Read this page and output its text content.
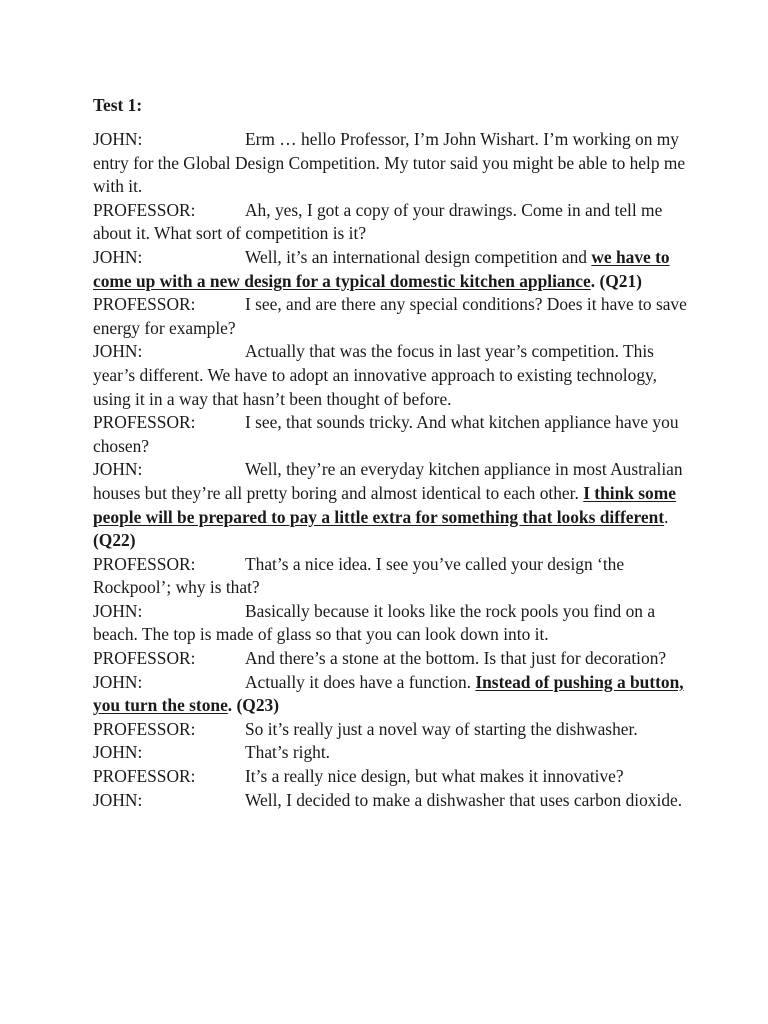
Test 1:

JOHN:	Erm … hello Professor, I’m John Wishart. I’m working on my entry for the Global Design Competition. My tutor said you might be able to help me with it.

PROFESSOR:	Ah, yes, I got a copy of your drawings. Come in and tell me about it. What sort of competition is it?

JOHN:	Well, it’s an international design competition and we have to come up with a new design for a typical domestic kitchen appliance. (Q21)

PROFESSOR:	I see, and are there any special conditions? Does it have to save energy for example?

JOHN:	Actually that was the focus in last year’s competition. This year’s different. We have to adopt an innovative approach to existing technology, using it in a way that hasn’t been thought of before.

PROFESSOR:	I see, that sounds tricky. And what kitchen appliance have you chosen?

JOHN:	Well, they’re an everyday kitchen appliance in most Australian houses but they’re all pretty boring and almost identical to each other. I think some people will be prepared to pay a little extra for something that looks different. (Q22)

PROFESSOR:	That’s a nice idea. I see you’ve called your design ‘the Rockpool’; why is that?

JOHN:	Basically because it looks like the rock pools you find on a beach. The top is made of glass so that you can look down into it.

PROFESSOR:	And there’s a stone at the bottom. Is that just for decoration?

JOHN:	Actually it does have a function. Instead of pushing a button, you turn the stone. (Q23)

PROFESSOR:	So it’s really just a novel way of starting the dishwasher.

JOHN:	That’s right.

PROFESSOR:	It’s a really nice design, but what makes it innovative?

JOHN:	Well, I decided to make a dishwasher that uses carbon dioxide.
